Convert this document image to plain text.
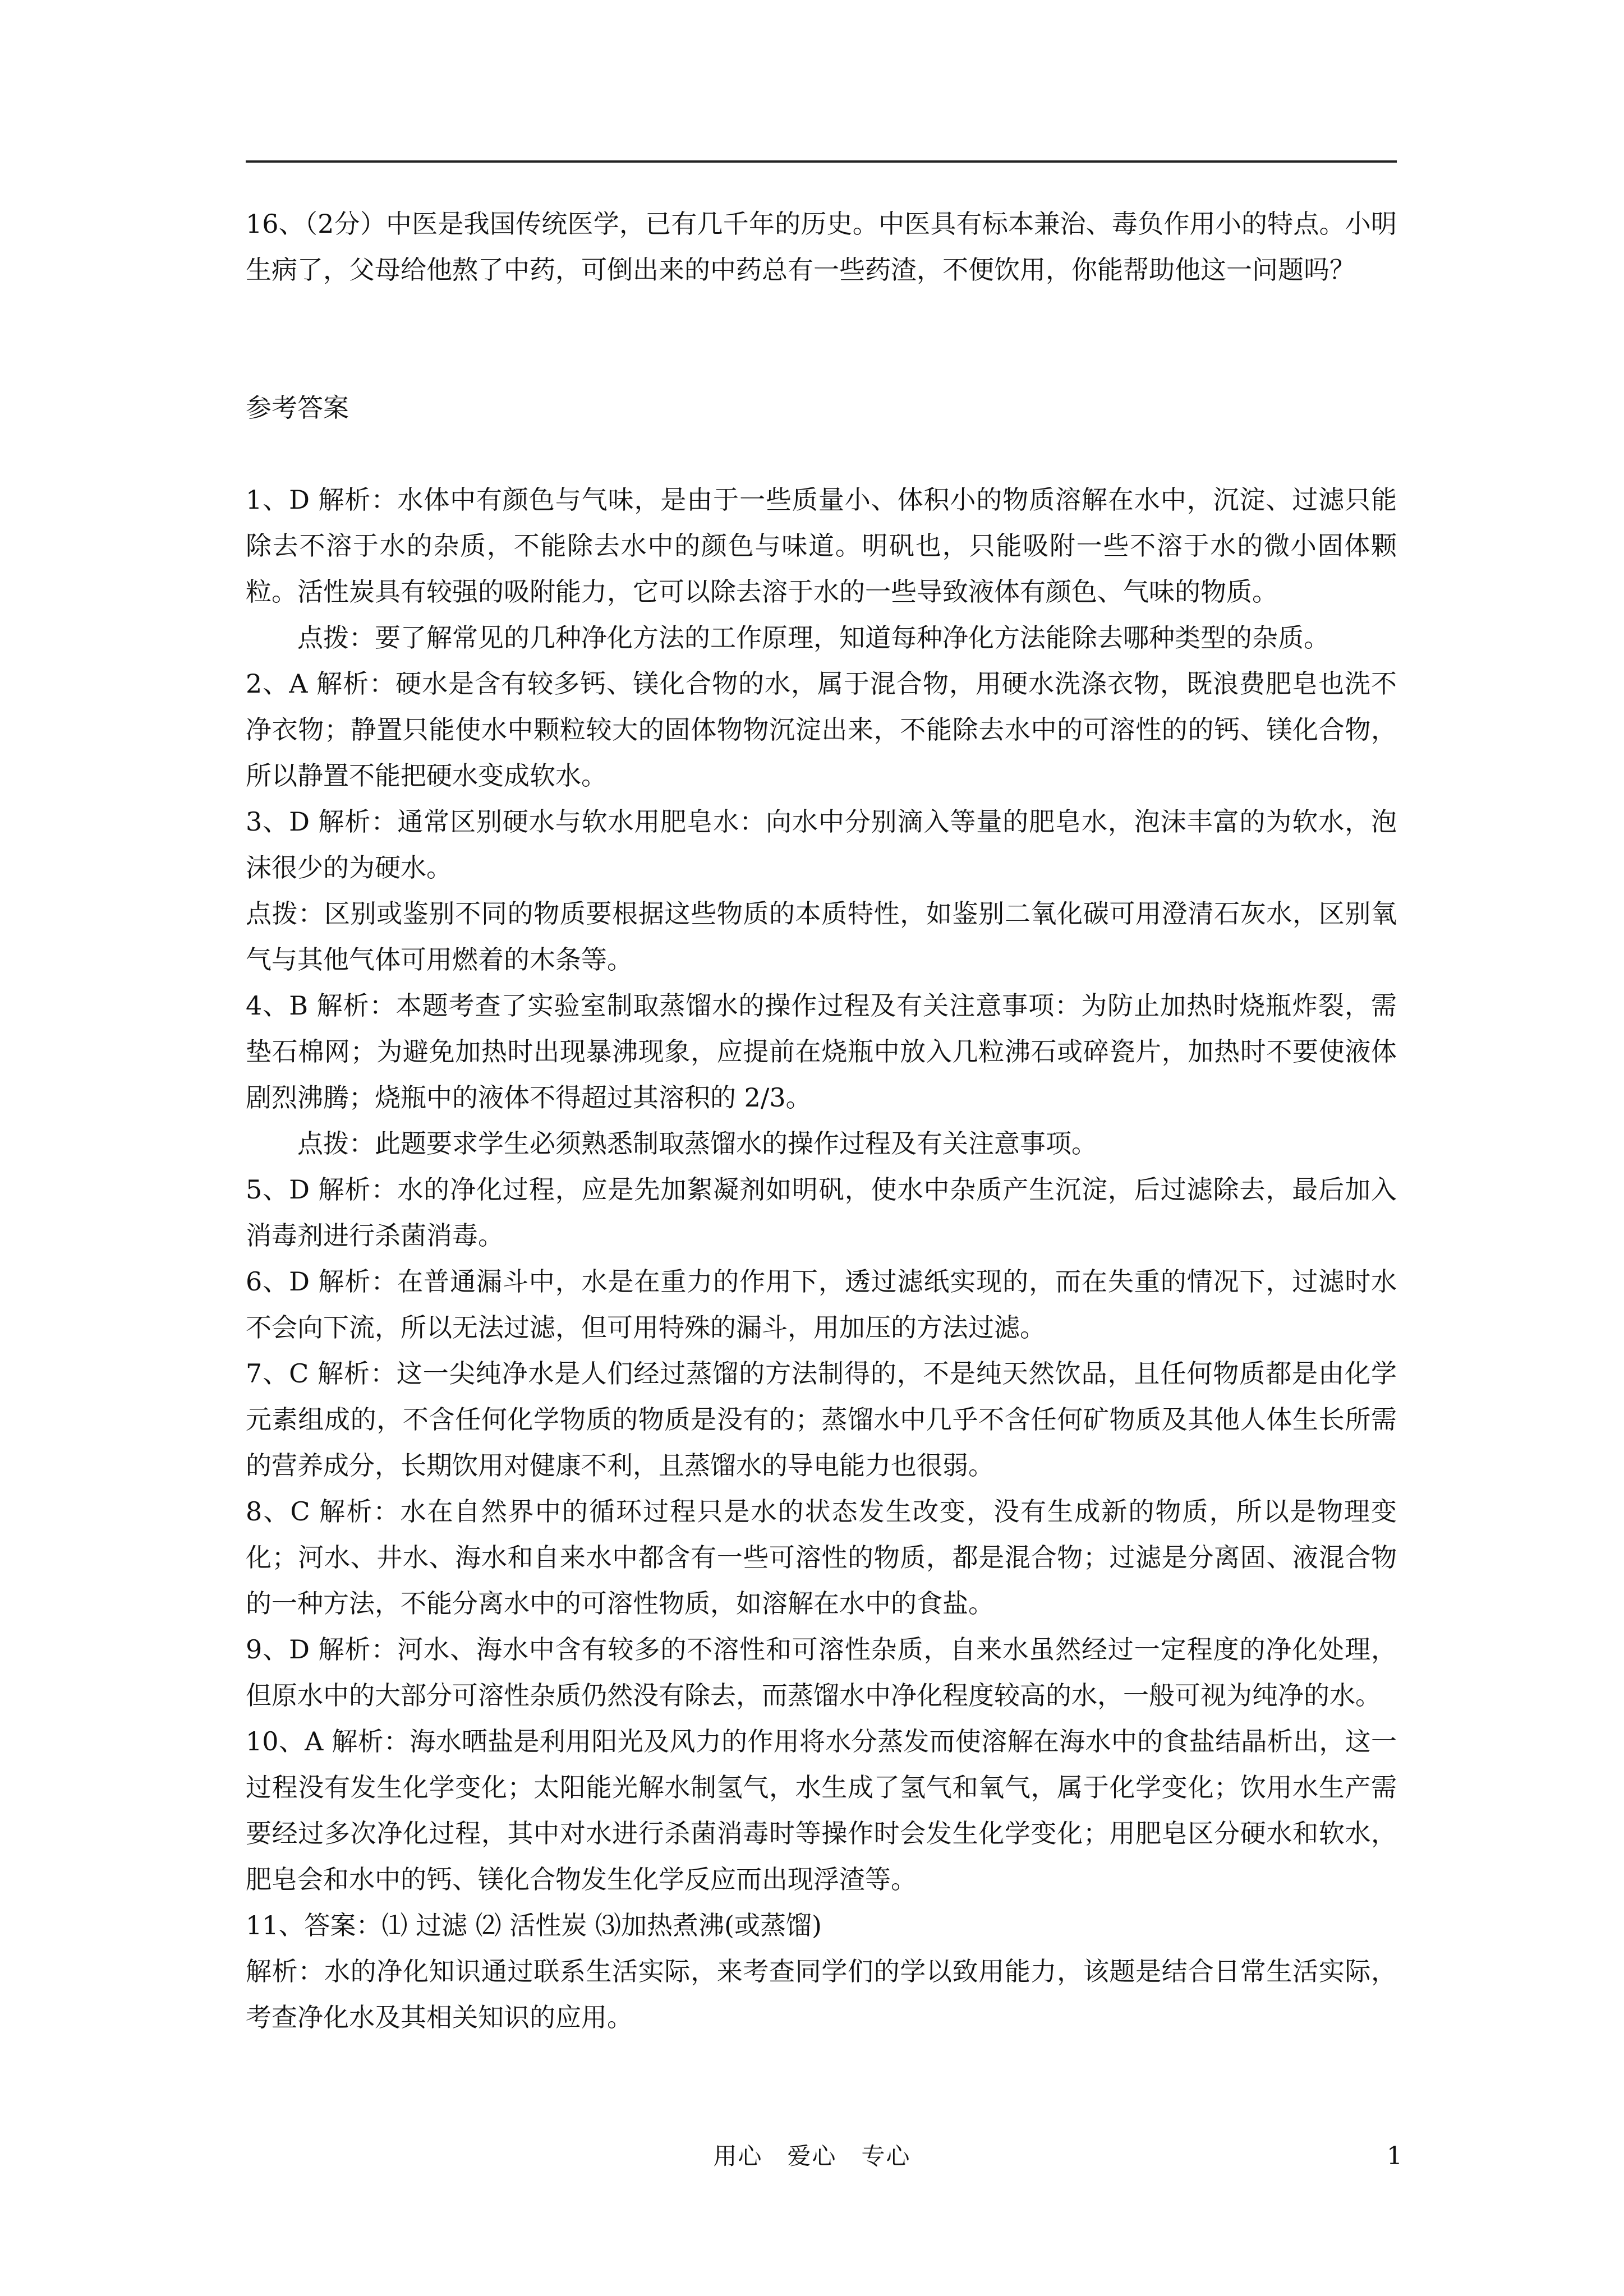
16、（2分）中医是我国传统医学，已有几千年的历史。中医具有标本兼治、毒负作用小的特点。小明生病了，父母给他熬了中药，可倒出来的中药总有一些药渣，不便饮用，你能帮助他这一问题吗？

参考答案

1、D 解析：水体中有颜色与气味，是由于一些质量小、体积小的物质溶解在水中，沉淀、过滤只能除去不溶于水的杂质，不能除去水中的颜色与味道。明矾也，只能吸附一些不溶于水的微小固体颗粒。活性炭具有较强的吸附能力，它可以除去溶于水的一些导致液体有颜色、气味的物质。

点拨：要了解常见的几种净化方法的工作原理，知道每种净化方法能除去哪种类型的杂质。

2、A 解析：硬水是含有较多钙、镁化合物的水，属于混合物，用硬水洗涤衣物，既浪费肥皂也洗不净衣物；静置只能使水中颗粒较大的固体物物沉淀出来，不能除去水中的可溶性的的钙、镁化合物，所以静置不能把硬水变成软水。

3、D 解析：通常区别硬水与软水用肥皂水：向水中分别滴入等量的肥皂水，泡沫丰富的为软水，泡沫很少的为硬水。

点拨：区别或鉴别不同的物质要根据这些物质的本质特性，如鉴别二氧化碳可用澄清石灰水，区别氧气与其他气体可用燃着的木条等。

4、B 解析：本题考查了实验室制取蒸馏水的操作过程及有关注意事项：为防止加热时烧瓶炸裂，需垫石棉网；为避免加热时出现暴沸现象，应提前在烧瓶中放入几粒沸石或碎瓷片，加热时不要使液体剧烈沸腾；烧瓶中的液体不得超过其溶积的 2/3。

点拨：此题要求学生必须熟悉制取蒸馏水的操作过程及有关注意事项。

5、D 解析：水的净化过程，应是先加絮凝剂如明矾，使水中杂质产生沉淀，后过滤除去，最后加入消毒剂进行杀菌消毒。

6、D 解析：在普通漏斗中，水是在重力的作用下，透过滤纸实现的，而在失重的情况下，过滤时水不会向下流，所以无法过滤，但可用特殊的漏斗，用加压的方法过滤。

7、C 解析：这一尖纯净水是人们经过蒸馏的方法制得的，不是纯天然饮品，且任何物质都是由化学元素组成的，不含任何化学物质的物质是没有的；蒸馏水中几乎不含任何矿物质及其他人体生长所需的营养成分，长期饮用对健康不利，且蒸馏水的导电能力也很弱。

8、C 解析：水在自然界中的循环过程只是水的状态发生改变，没有生成新的物质，所以是物理变化；河水、井水、海水和自来水中都含有一些可溶性的物质，都是混合物；过滤是分离固、液混合物的一种方法，不能分离水中的可溶性物质，如溶解在水中的食盐。

9、D 解析：河水、海水中含有较多的不溶性和可溶性杂质，自来水虽然经过一定程度的净化处理，但原水中的大部分可溶性杂质仍然没有除去，而蒸馏水中净化程度较高的水，一般可视为纯净的水。

10、A 解析：海水晒盐是利用阳光及风力的作用将水分蒸发而使溶解在海水中的食盐结晶析出，这一过程没有发生化学变化；太阳能光解水制氢气，水生成了氢气和氧气，属于化学变化；饮用水生产需要经过多次净化过程，其中对水进行杀菌消毒时等操作时会发生化学变化；用肥皂区分硬水和软水，肥皂会和水中的钙、镁化合物发生化学反应而出现浮渣等。

11、答案：⑴ 过滤 ⑵ 活性炭 ⑶加热煮沸(或蒸馏)

解析：水的净化知识通过联系生活实际，来考查同学们的学以致用能力，该题是结合日常生活实际，考查净化水及其相关知识的应用。

用心　爱心　专心	1
